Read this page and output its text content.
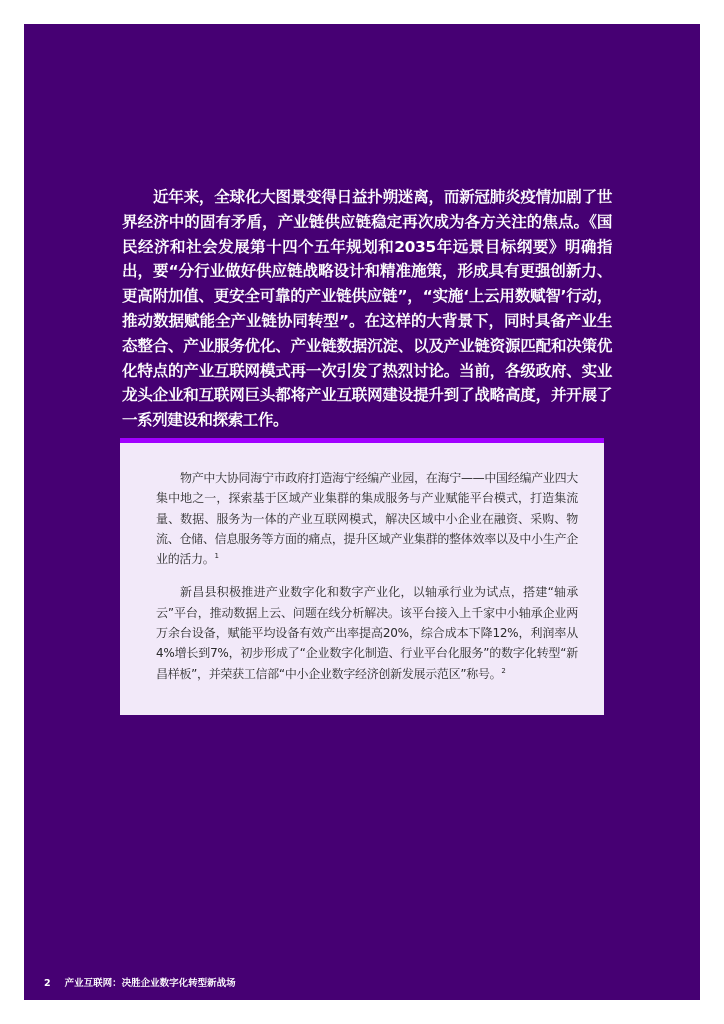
近年来，全球化大图景变得日益扑朔迷离，而新冠肺炎疫情加剧了世界经济中的固有矛盾，产业链供应链稳定再次成为各方关注的焦点。《国民经济和社会发展第十四个五年规划和2035年远景目标纲要》明确指出，要“分行业做好供应链战略设计和精准施策，形成具有更强创新力、更高附加值、更安全可靠的产业链供应链”，“实施‘上云用数赋智’行动，推动数据赋能全产业链协同转型”。在这样的大背景下，同时具备产业生态整合、产业服务优化、产业链数据沉淀、以及产业链资源匹配和决策优化特点的产业互联网模式再一次引发了热烈讨论。当前，各级政府、实业龙头企业和互联网巨头都将产业互联网建设提升到了战略高度，并开展了一系列建设和探索工作。

物产中大协同海宁市政府打造海宁经编产业园，在海宁——中国经编产业四大集中地之一，探索基于区域产业集群的集成服务与产业赋能平台模式，打造集流量、数据、服务为一体的产业互联网模式，解决区域中小企业在融资、采购、物流、仓储、信息服务等方面的痛点，提升区域产业集群的整体效率以及中小生产企业的活力。$^1$

新昌县积极推进产业数字化和数字产业化，以轴承行业为试点，搭建“轴承云”平台，推动数据上云、问题在线分析解决。该平台接入上千家中小轴承企业两万余台设备，赋能平均设备有效产出率提高20%，综合成本下降12%，利润率从4%增长到7%，初步形成了“企业数字化制造、行业平台化服务”的数字化转型“新昌样板”，并荣获工信部“中小企业数字经济创新发展示范区”称号。$^2$

2 产业互联网：决胜企业数字化转型新战场
